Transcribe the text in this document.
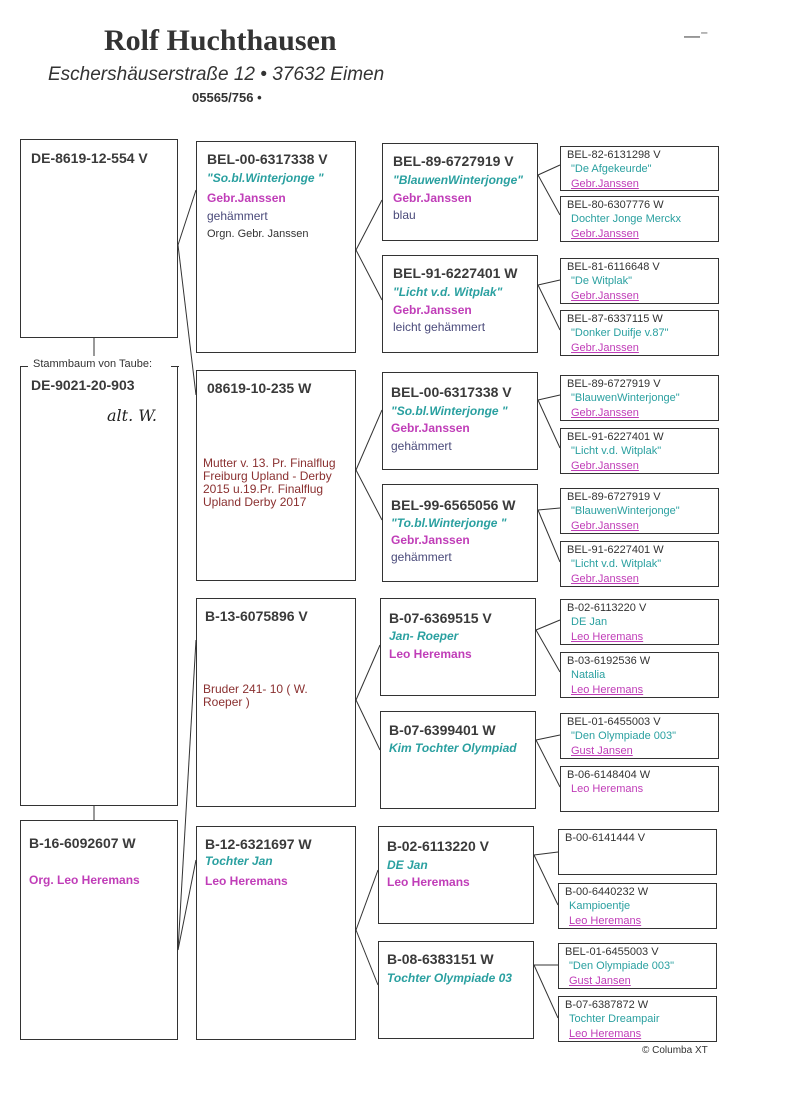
Rolf Huchthausen
Eschershäuserstraße 12 • 37632 Eimen
05565/756 •
—⁻
DE-8619-12-554 V
Stammbaum von Taube:
DE-9021-20-903
alt. W.
B-16-6092607 W
Org. Leo Heremans
BEL-00-6317338 V
"So.bl.Winterjonge "
Gebr.Janssen
gehämmert
Orgn. Gebr. Janssen
08619-10-235 W
Mutter v. 13. Pr. Finalflug
Freiburg Upland - Derby
2015 u.19.Pr. Finalflug
Upland Derby 2017
B-13-6075896 V
Bruder 241- 10 ( W.
Roeper )
B-12-6321697 W
Tochter Jan
Leo Heremans
BEL-89-6727919 V
"BlauwenWinterjonge"
Gebr.Janssen
blau
BEL-91-6227401 W
"Licht v.d. Witplak"
Gebr.Janssen
leicht gehämmert
BEL-00-6317338 V
"So.bl.Winterjonge "
Gebr.Janssen
gehämmert
BEL-99-6565056 W
"To.bl.Winterjonge "
Gebr.Janssen
gehämmert
B-07-6369515 V
Jan- Roeper
Leo Heremans
B-07-6399401 W
Kim Tochter Olympiad
B-02-6113220 V
DE Jan
Leo Heremans
B-08-6383151 W
Tochter Olympiade 03
BEL-82-6131298 V
"De Afgekeurde"
Gebr.Janssen
BEL-80-6307776 W
Dochter Jonge Merckx
Gebr.Janssen
BEL-81-6116648 V
"De Witplak"
Gebr.Janssen
BEL-87-6337115 W
"Donker Duifje v.87"
Gebr.Janssen
BEL-89-6727919 V
"BlauwenWinterjonge"
Gebr.Janssen
BEL-91-6227401 W
"Licht v.d. Witplak"
Gebr.Janssen
BEL-89-6727919 V
"BlauwenWinterjonge"
Gebr.Janssen
BEL-91-6227401 W
"Licht v.d. Witplak"
Gebr.Janssen
B-02-6113220 V
DE Jan
Leo Heremans
B-03-6192536 W
Natalia
Leo Heremans
BEL-01-6455003 V
"Den Olympiade 003"
Gust Jansen
B-06-6148404 W
Leo Heremans
B-00-6141444 V
B-00-6440232 W
Kampioentje
Leo Heremans
BEL-01-6455003 V
"Den Olympiade 003"
Gust Jansen
B-07-6387872 W
Tochter Dreampair
Leo Heremans
© Columba XT
